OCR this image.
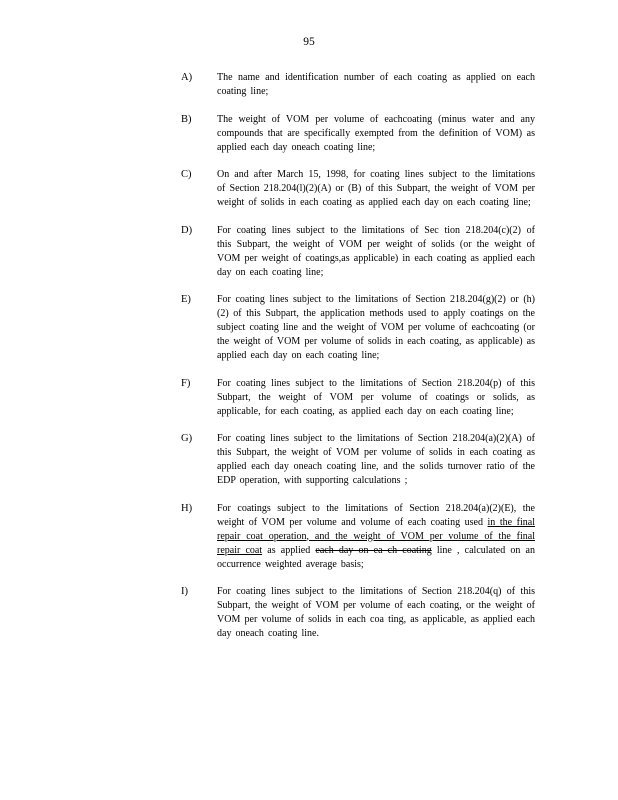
95
A)	The name and identification number of each coating as applied on each coating line;
B)	The weight of VOM per volume of eachcoating (minus water and any compounds that are specifically exempted from the definition of VOM) as applied each day oneach coating line;
C)	On and after March 15, 1998, for coating lines subject to the limitations of Section 218.204(l)(2)(A) or (B) of this Subpart, the weight of VOM per weight of solids in each coating as applied each day on each coating line;
D)	For coating lines subject to the limitations of Sec tion 218.204(c)(2) of this Subpart, the weight of VOM per weight of solids (or the weight of VOM per weight of coatings,as applicable) in each coating as applied each day on each coating line;
E)	For coating lines subject to the limitations of Section 218.204(g)(2) or (h)(2) of this Subpart, the application methods used to apply coatings on the subject coating line and the weight of VOM per volume of eachcoating (or the weight of VOM per volume of solids in each coating, as applicable) as applied each day on each coating line;
F)	For coating lines subject to the limitations of Section 218.204(p) of this Subpart, the weight of VOM per volume of coatings or solids, as applicable, for each coating, as applied each day on each coating line;
G)	For coating lines subject to the limitations of Section 218.204(a)(2)(A) of this Subpart, the weight of VOM per volume of solids in each coating as applied each day oneach coating line, and the solids turnover ratio of the EDP operation, with supporting calculations ;
H)	For coatings subject to the limitations of Section 218.204(a)(2)(E), the weight of VOM per volume and volume of each coating used in the final repair coat operation, and the weight of VOM per volume of the final repair coat as applied each day on ea ch coating line , calculated on an occurrence weighted average basis;
I)	For coating lines subject to the limitations of Section 218.204(q) of this Subpart, the weight of VOM per volume of each coating, or the weight of VOM per volume of solids in each coa ting, as applicable, as applied each day oneach coating line.
